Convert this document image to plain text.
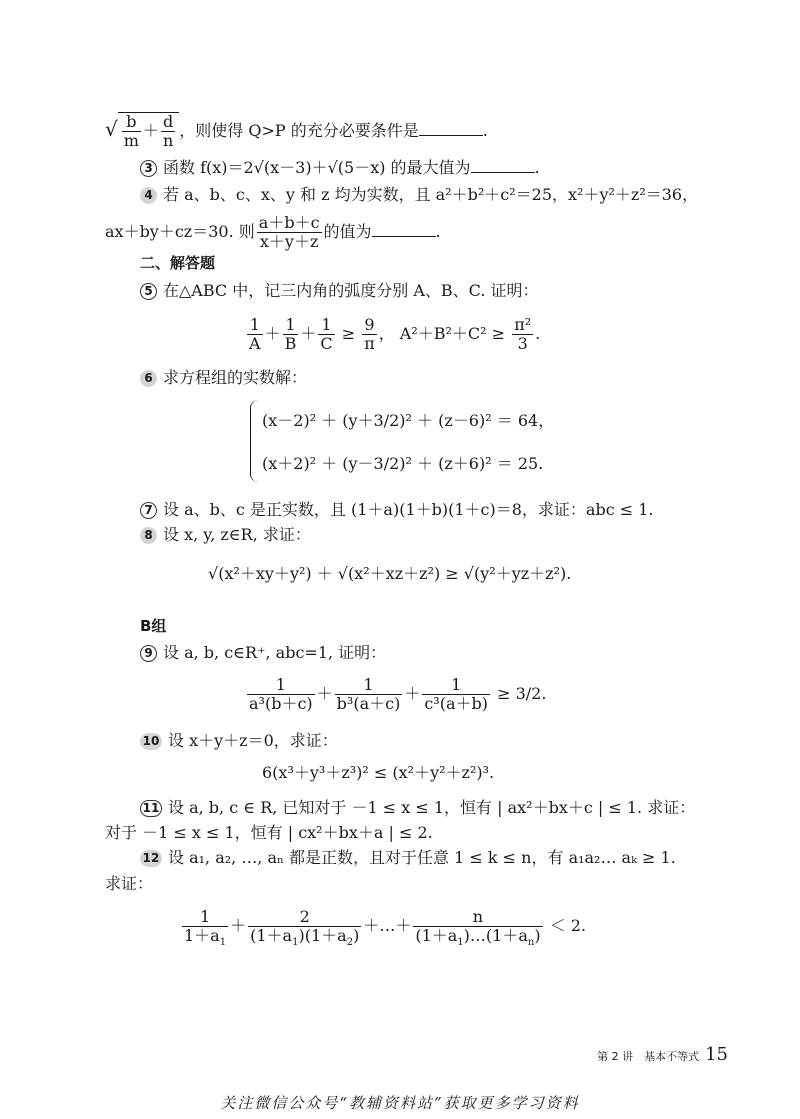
√ $\frac{b}{m} + \frac{d}{n}$ ，则使得 Q>P 的充分必要条件是	.
3 函数 f(x)＝2√(x－3)＋√(5－x) 的最大值为	.
4 若 a、b、c、x、y 和 z 均为实数，且 a²＋b²＋c²＝25，x²＋y²＋z²＝36，
ax＋by＋cz＝30. 则 $\frac{a+b+c}{x+y+z}$ 的值为	.
二、解答题
5 在△ABC 中，记三内角的弧度分别 A、B、C. 证明：
$\frac{1}{A} + \frac{1}{B} + \frac{1}{C} \ge \frac{9}{\pi}$ ， $A^2+B^2+C^2 \ge \frac{\text{π²}}{3}$ .
6 求方程组的实数解：
(x－2)² ＋ (y＋3/2)² ＋ (z－6)² ＝ 64，
(x＋2)² ＋ (y－3/2)² ＋ (z＋6)² ＝ 25.
7 设 a、b、c 是正实数，且 (1＋a)(1＋b)(1＋c)＝8，求证：abc ≤ 1.
8 设 x, y, z∈R, 求证：
√(x²＋xy＋y²) ＋ √(x²＋xz＋z²) ≥ √(y²＋yz＋z²).
B组
9 设 a, b, c∈R⁺, abc=1, 证明：
$\frac{1}{\text{a³(b＋c)}} + \frac{1}{\text{b³(a＋c)}} + \frac{1}{\text{c³(a＋b)}} \ge 3/2$.
10 设 x＋y＋z＝0，求证：
6(x³＋y³＋z³)² ≤ (x²＋y²＋z²)³.
11 设 a, b, c ∈ R, 已知对于 －1 ≤ x ≤ 1，恒有 | ax²＋bx＋c | ≤ 1. 求证：
对于 －1 ≤ x ≤ 1，恒有 | cx²＋bx＋a | ≤ 2.
12 设 a₁, a₂, …, aₙ 都是正数，且对于任意 1 ≤ k ≤ n，有 a₁a₂… aₖ ≥ 1.
求证：
$\frac{1}{1+a_1} + \frac{2}{(1+a_1)(1+a_2)}$ ＋…＋ $\frac{n}{(1+a_1)\dots(1+a_n)} < 2$.
第 2 讲　基本不等式 15
关注微信公众号“教辅资料站”获取更多学习资料
